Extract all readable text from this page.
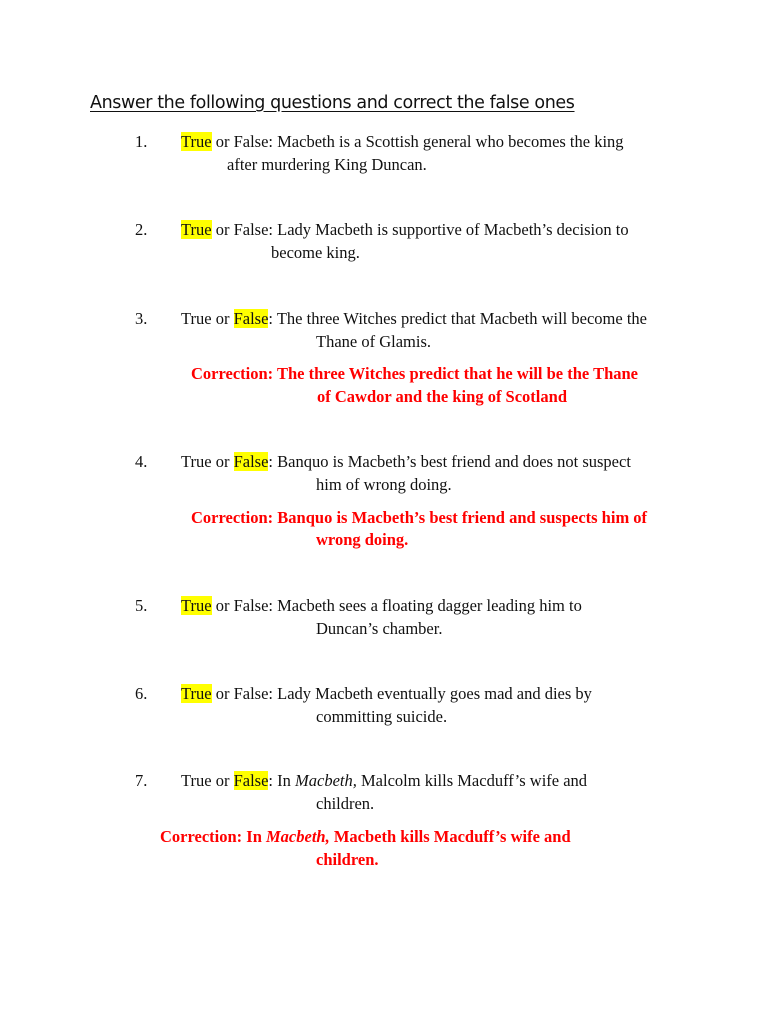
Answer the following questions and correct the false ones
1. True or False: Macbeth is a Scottish general who becomes the king
after murdering King Duncan.
2. True or False: Lady Macbeth is supportive of Macbeth’s decision to
become king.
3. True or False: The three Witches predict that Macbeth will become the
Thane of Glamis.
Correction: The three Witches predict that he will be the Thane
of Cawdor and the king of Scotland
4. True or False: Banquo is Macbeth’s best friend and does not suspect
him of wrong doing.
Correction: Banquo is Macbeth’s best friend and suspects him of
wrong doing.
5. True or False: Macbeth sees a floating dagger leading him to
Duncan’s chamber.
6. True or False: Lady Macbeth eventually goes mad and dies by
committing suicide.
7. True or False: In Macbeth, Malcolm kills Macduff’s wife and
children.
Correction: In Macbeth, Macbeth kills Macduff’s wife and
children.
